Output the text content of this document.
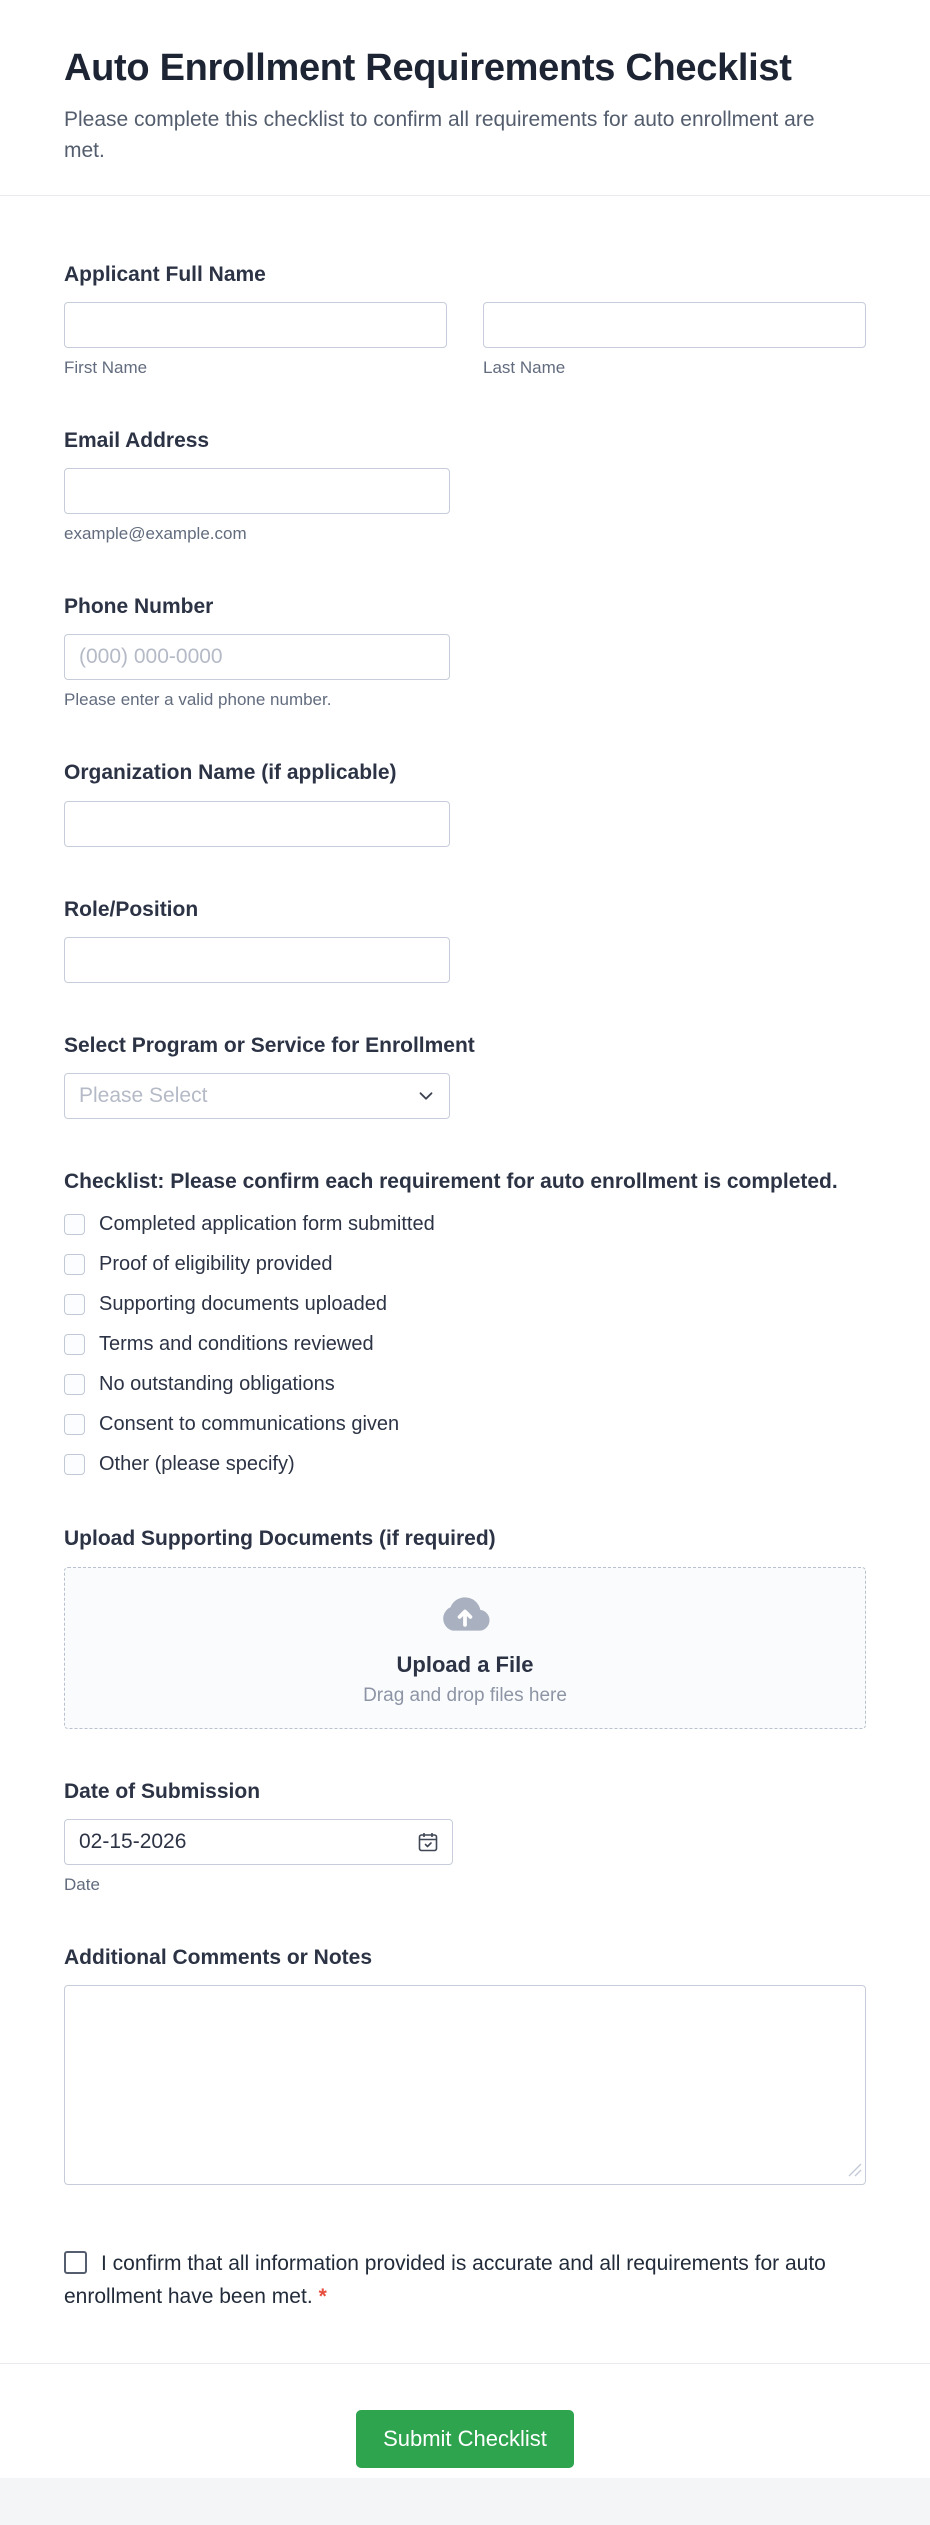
Auto Enrollment Requirements Checklist

Please complete this checklist to confirm all requirements for auto enrollment are met.

Applicant Full Name
First Name	Last Name
Email Address
example@example.com
Phone Number
(000) 000-0000
Please enter a valid phone number.
Organization Name (if applicable)
Role/Position
Select Program or Service for Enrollment
Please Select
Checklist: Please confirm each requirement for auto enrollment is completed.
Completed application form submitted
Proof of eligibility provided
Supporting documents uploaded
Terms and conditions reviewed
No outstanding obligations
Consent to communications given
Other (please specify)
Upload Supporting Documents (if required)
Upload a File
Drag and drop files here
Date of Submission
02-15-2026
Date
Additional Comments or Notes
I confirm that all information provided is accurate and all requirements for auto enrollment have been met. *
Submit Checklist
